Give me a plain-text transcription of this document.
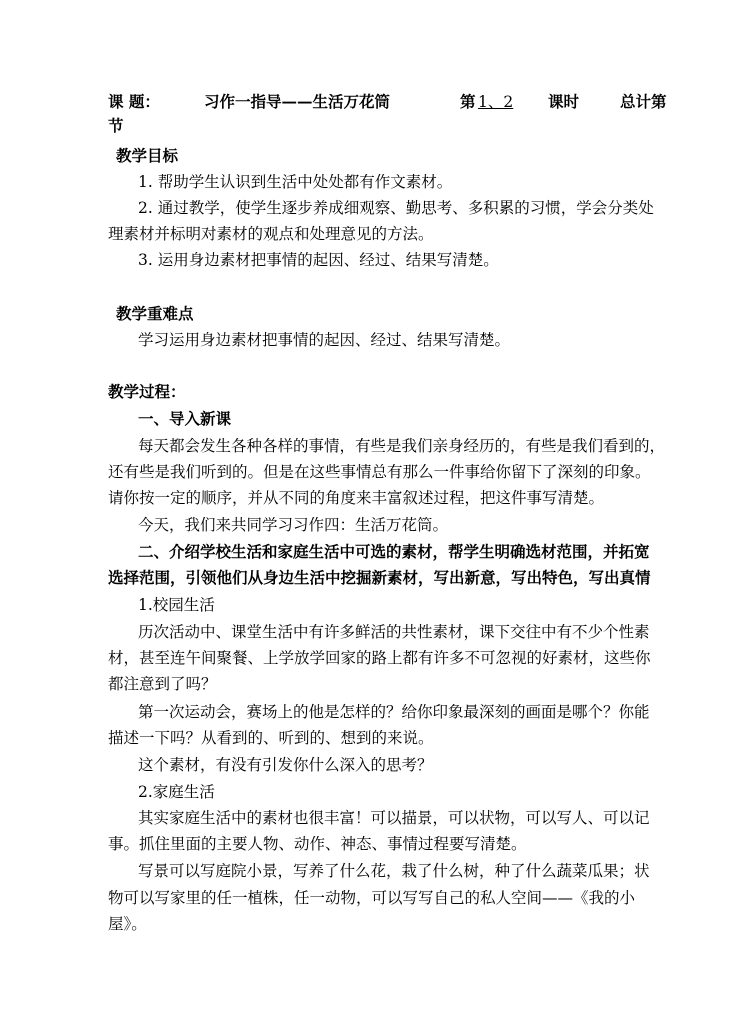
课 题：	习作一指导——生活万花筒	第 1、2 课时	总计第
节
教学目标
1. 帮助学生认识到生活中处处都有作文素材。
2. 通过教学，使学生逐步养成细观察、勤思考、多积累的习惯，学会分类处
理素材并标明对素材的观点和处理意见的方法。
3. 运用身边素材把事情的起因、经过、结果写清楚。
教学重难点
学习运用身边素材把事情的起因、经过、结果写清楚。
教学过程：
一、导入新课
每天都会发生各种各样的事情，有些是我们亲身经历的，有些是我们看到的，
还有些是我们听到的。但是在这些事情总有那么一件事给你留下了深刻的印象。
请你按一定的顺序，并从不同的角度来丰富叙述过程，把这件事写清楚。
今天，我们来共同学习习作四：生活万花筒。
二、介绍学校生活和家庭生活中可选的素材，帮学生明确选材范围，并拓宽
选择范围，引领他们从身边生活中挖掘新素材，写出新意，写出特色，写出真情
1.校园生活
历次活动中、课堂生活中有许多鲜活的共性素材，课下交往中有不少个性素
材，甚至连午间聚餐、上学放学回家的路上都有许多不可忽视的好素材，这些你
都注意到了吗？
第一次运动会，赛场上的他是怎样的？给你印象最深刻的画面是哪个？你能
描述一下吗？从看到的、听到的、想到的来说。
这个素材，有没有引发你什么深入的思考？
2.家庭生活
其实家庭生活中的素材也很丰富！可以描景，可以状物，可以写人、可以记
事。抓住里面的主要人物、动作、神态、事情过程要写清楚。
写景可以写庭院小景，写养了什么花，栽了什么树，种了什么蔬菜瓜果；状
物可以写家里的任一植株，任一动物，可以写写自己的私人空间——《我的小
屋》。
